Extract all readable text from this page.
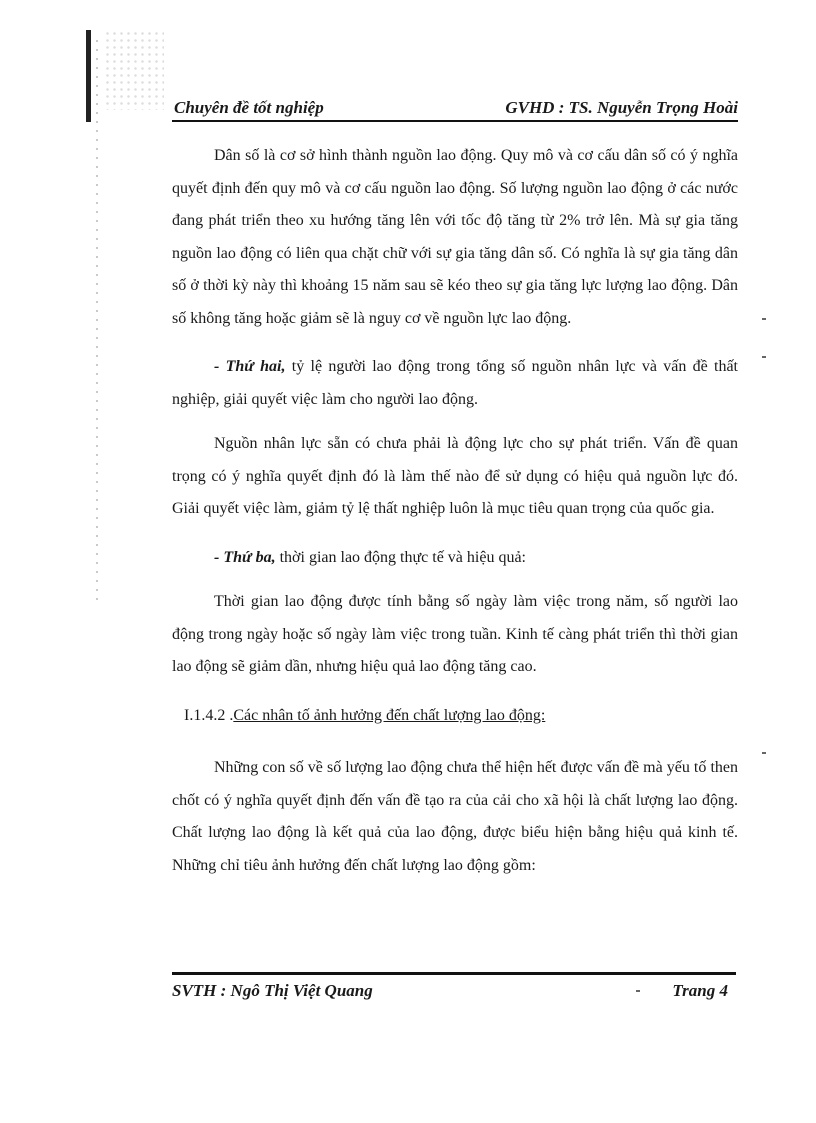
Chuyên đề tốt nghiệp	GVHD : TS. Nguyễn Trọng Hoài

Dân số là cơ sở hình thành nguồn lao động. Quy mô và cơ cấu dân số có ý nghĩa quyết định đến quy mô và cơ cấu nguồn lao động. Số lượng nguồn lao động ở các nước đang phát triển theo xu hướng tăng lên với tốc độ tăng từ 2% trở lên. Mà sự gia tăng nguồn lao động có liên qua chặt chữ với sự gia tăng dân số. Có nghĩa là sự gia tăng dân số ở thời kỳ này thì khoảng 15 năm sau sẽ kéo theo sự gia tăng lực lượng lao động. Dân số không tăng hoặc giảm sẽ là nguy cơ về nguồn lực lao động.

- Thứ hai, tỷ lệ người lao động trong tổng số nguồn nhân lực và vấn đề thất nghiệp, giải quyết việc làm cho người lao động.

Nguồn nhân lực sẵn có chưa phải là động lực cho sự phát triển. Vấn đề quan trọng có ý nghĩa quyết định đó là làm thế nào để sử dụng có hiệu quả nguồn lực đó. Giải quyết việc làm, giảm tỷ lệ thất nghiệp luôn là mục tiêu quan trọng của quốc gia.

- Thứ ba, thời gian lao động thực tế và hiệu quả:

Thời gian lao động được tính bằng số ngày làm việc trong năm, số người lao động trong ngày hoặc số ngày làm việc trong tuần. Kinh tế càng phát triển thì thời gian lao động sẽ giảm dần, nhưng hiệu quả lao động tăng cao.

I.1.4.2 .Các nhân tố ảnh hưởng đến chất lượng lao động:

Những con số về số lượng lao động chưa thể hiện hết được vấn đề mà yếu tố then chốt có ý nghĩa quyết định đến vấn đề tạo ra của cải cho xã hội là chất lượng lao động. Chất lượng lao động là kết quả của lao động, được biểu hiện bằng hiệu quả kinh tế. Những chỉ tiêu ảnh hưởng đến chất lượng lao động gồm:

SVTH : Ngô Thị Việt Quang	Trang 4
